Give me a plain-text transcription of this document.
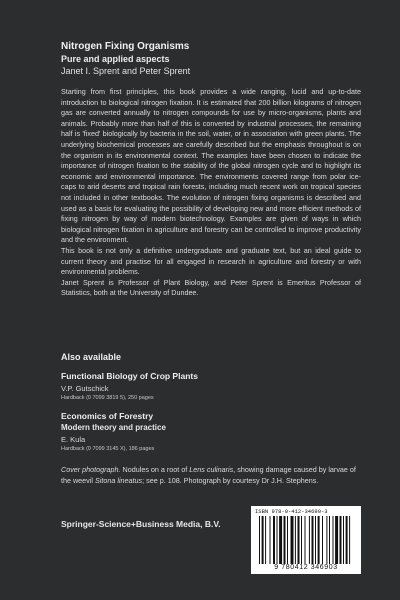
Nitrogen Fixing Organisms
Pure and applied aspects
Janet I. Sprent and Peter Sprent

Starting from first principles, this book provides a wide ranging, lucid and up-to-date introduction to biological nitrogen fixation. It is estimated that 200 billion kilograms of nitrogen gas are converted annually to nitrogen compounds for use by micro-organisms, plants and animals. Probably more than half of this is converted by industrial processes, the remaining half is 'fixed' biologically by bacteria in the soil, water, or in association with green plants. The underlying biochemical processes are carefully described but the emphasis throughout is on the organism in its environmental context. The examples have been chosen to indicate the importance of nitrogen fixation to the stability of the global nitrogen cycle and to highlight its economic and environmental importance. The environments covered range from polar ice-caps to arid deserts and tropical rain forests, including much recent work on tropical species not included in other textbooks. The evolution of nitrogen fixing organisms is described and used as a basis for evaluating the possibility of developing new and more efficient methods of fixing nitrogen by way of modern biotechnology. Examples are given of ways in which biological nitrogen fixation in agriculture and forestry can be controlled to improve productivity and the environment.

This book is not only a definitive undergraduate and graduate text, but an ideal guide to current theory and practise for all engaged in research in agriculture and forestry or with environmental problems.

Janet Sprent is Professor of Plant Biology, and Peter Sprent is Emeritus Professor of Statistics, both at the University of Dundee.

Also available
Functional Biology of Crop Plants
V.P. Gutschick
Hardback (0 7099 3819 5), 250 pages
Economics of Forestry
Modern theory and practice
E. Kula
Hardback (0 7099 3145 X), 186 pages
Cover photograph. Nodules on a root of Lens culinaris, showing damage caused by larvae of the weevil Sitona lineatus; see p. 108. Photograph by courtesy Dr J.H. Stephens.
Springer-Science+Business Media, B.V.
ISBN 978-0-412-34690-3
9 780412 346903
